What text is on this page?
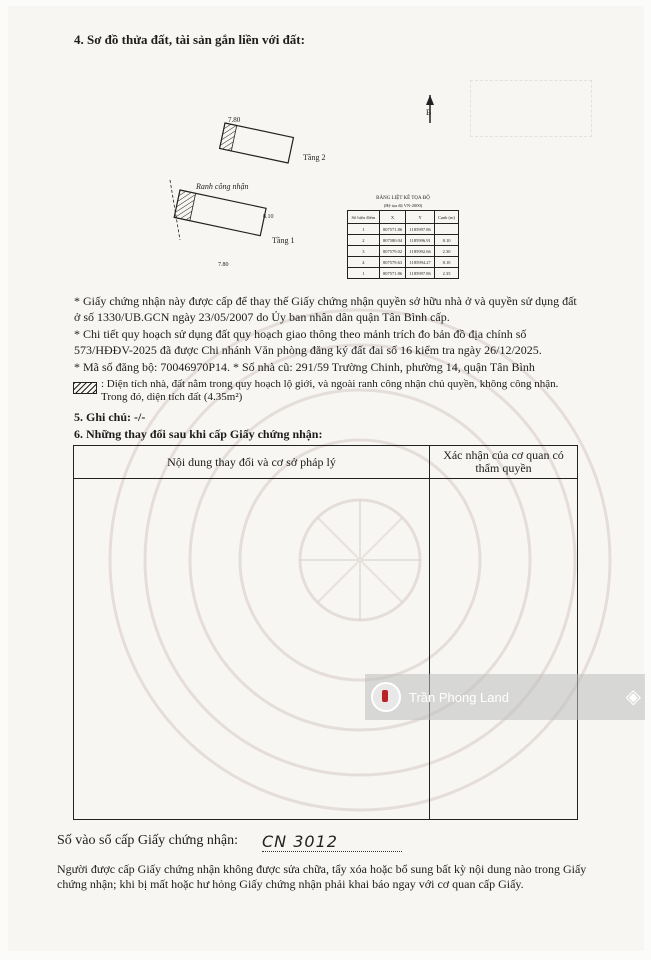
4. Sơ đồ thửa đất, tài sản gắn liền với đất:
7.80
Tầng 2
Ranh công nhận
Tầng 1
B
7.80
8.10
BẢNG LIỆT KÊ TỌA ĐỘ
(Hệ tọa độ VN-2000)
Số hiệu điểm	X	Y	Cạnh (m)
1	807571.86	1185997.86	
2	807580.04	1185996.91	8.10
3	807579.02	1185992.66	2.30
4	807579.63	1185994.27	8.10
1	807571.86	1185997.86	2.35
* Giấy chứng nhận này được cấp để thay thế Giấy chứng nhận quyền sở hữu nhà ở và quyền sử dụng đất ở số 1330/UB.GCN ngày 23/05/2007 do Ủy ban nhân dân quận Tân Bình cấp.
* Chi tiết quy hoạch sử dụng đất quy hoạch giao thông theo mảnh trích đo bản đồ địa chính số 573/HĐĐV-2025 đã được Chi nhánh Văn phòng đăng ký đất đai số 16 kiểm tra ngày 26/12/2025.
* Mã số đăng bộ: 70046970P14. * Số nhà cũ: 291/59 Trường Chinh, phường 14, quận Tân Bình
: Diện tích nhà, đất nằm trong quy hoạch lộ giới, và ngoài ranh công nhận chủ quyền, không công nhận.
Trong đó, diện tích đất (4.35m²)
5. Ghi chú: -/-
6. Những thay đổi sau khi cấp Giấy chứng nhận:
Nội dung thay đổi và cơ sở pháp lý	Xác nhận của cơ quan có thẩm quyền

Trần Phong Land	◈
Số vào sổ cấp Giấy chứng nhận: CN 3012
Người được cấp Giấy chứng nhận không được sửa chữa, tẩy xóa hoặc bổ sung bất kỳ nội dung nào trong Giấy chứng nhận; khi bị mất hoặc hư hỏng Giấy chứng nhận phải khai báo ngay với cơ quan cấp Giấy.
